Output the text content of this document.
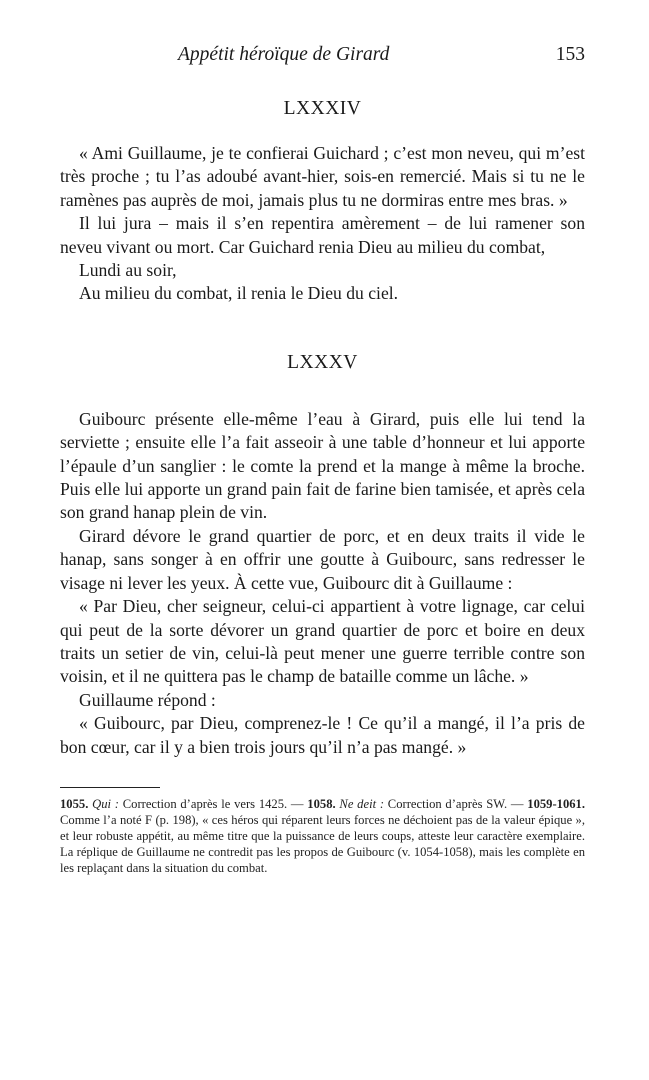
Appétit héroïque de Girard	153
LXXXIV

« Ami Guillaume, je te confierai Guichard ; c’est mon neveu, qui m’est très proche ; tu l’as adoubé avant-hier, sois-en remercié. Mais si tu ne le ramènes pas auprès de moi, jamais plus tu ne dormiras entre mes bras. »

Il lui jura – mais il s’en repentira amèrement – de lui ramener son neveu vivant ou mort. Car Guichard renia Dieu au milieu du combat,

Lundi au soir,

Au milieu du combat, il renia le Dieu du ciel.

LXXXV

Guibourc présente elle-même l’eau à Girard, puis elle lui tend la serviette ; ensuite elle l’a fait asseoir à une table d’honneur et lui apporte l’épaule d’un sanglier : le comte la prend et la mange à même la broche. Puis elle lui apporte un grand pain fait de farine bien tamisée, et après cela son grand hanap plein de vin.

Girard dévore le grand quartier de porc, et en deux traits il vide le hanap, sans songer à en offrir une goutte à Guibourc, sans redresser le visage ni lever les yeux. À cette vue, Guibourc dit à Guillaume :

« Par Dieu, cher seigneur, celui-ci appartient à votre lignage, car celui qui peut de la sorte dévorer un grand quartier de porc et boire en deux traits un setier de vin, celui-là peut mener une guerre terrible contre son voisin, et il ne quittera pas le champ de bataille comme un lâche. »

Guillaume répond :

« Guibourc, par Dieu, comprenez-le ! Ce qu’il a mangé, il l’a pris de bon cœur, car il y a bien trois jours qu’il n’a pas mangé. »

1055. Qui : Correction d’après le vers 1425. — 1058. Ne deit : Correction d’après SW. — 1059-1061. Comme l’a noté F (p. 198), « ces héros qui réparent leurs forces ne déchoient pas de la valeur épique », et leur robuste appétit, au même titre que la puissance de leurs coups, atteste leur caractère exemplaire. La réplique de Guillaume ne contredit pas les propos de Guibourc (v. 1054-1058), mais les complète en les replaçant dans la situation du combat.
